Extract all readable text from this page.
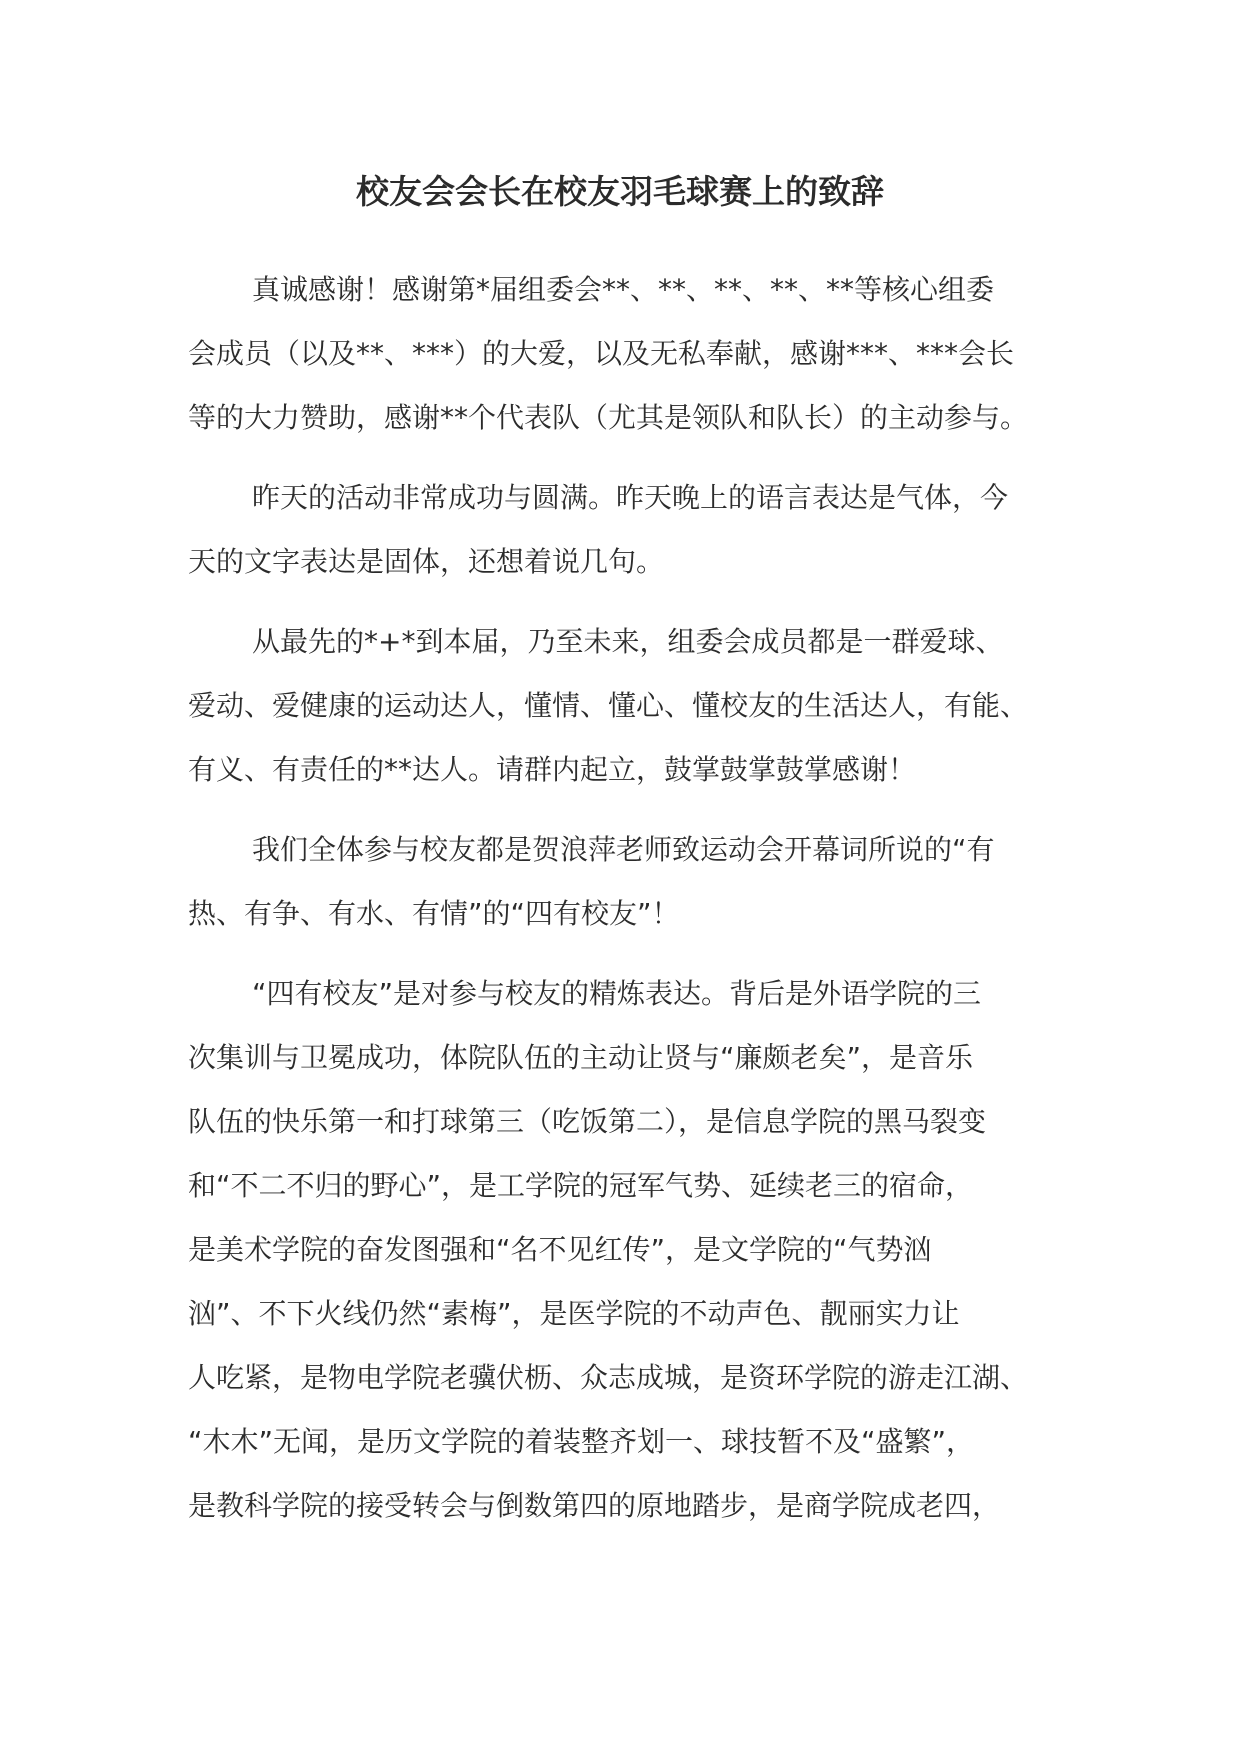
校友会会长在校友羽毛球赛上的致辞

真诚感谢！感谢第*届组委会**、**、**、**、**等核心组委
会成员（以及**、***）的大爱，以及无私奉献，感谢***、***会长
等的大力赞助，感谢**个代表队（尤其是领队和队长）的主动参与。

昨天的活动非常成功与圆满。昨天晚上的语言表达是气体，今
天的文字表达是固体，还想着说几句。

从最先的*+*到本届，乃至未来，组委会成员都是一群爱球、
爱动、爱健康的运动达人，懂情、懂心、懂校友的生活达人，有能、
有义、有责任的**达人。请群内起立，鼓掌鼓掌鼓掌感谢！

我们全体参与校友都是贺浪萍老师致运动会开幕词所说的“有
热、有争、有水、有情”的“四有校友”！

“四有校友”是对参与校友的精炼表达。背后是外语学院的三
次集训与卫冕成功，体院队伍的主动让贤与“廉颇老矣”，是音乐
队伍的快乐第一和打球第三（吃饭第二），是信息学院的黑马裂变
和“不二不归的野心”，是工学院的冠军气势、延续老三的宿命，
是美术学院的奋发图强和“名不见红传”，是文学院的“气势汹
汹”、不下火线仍然“素梅”，是医学院的不动声色、靓丽实力让
人吃紧，是物电学院老骥伏枥、众志成城，是资环学院的游走江湖、
“木木”无闻，是历文学院的着装整齐划一、球技暂不及“盛繁”，
是教科学院的接受转会与倒数第四的原地踏步，是商学院成老四，
